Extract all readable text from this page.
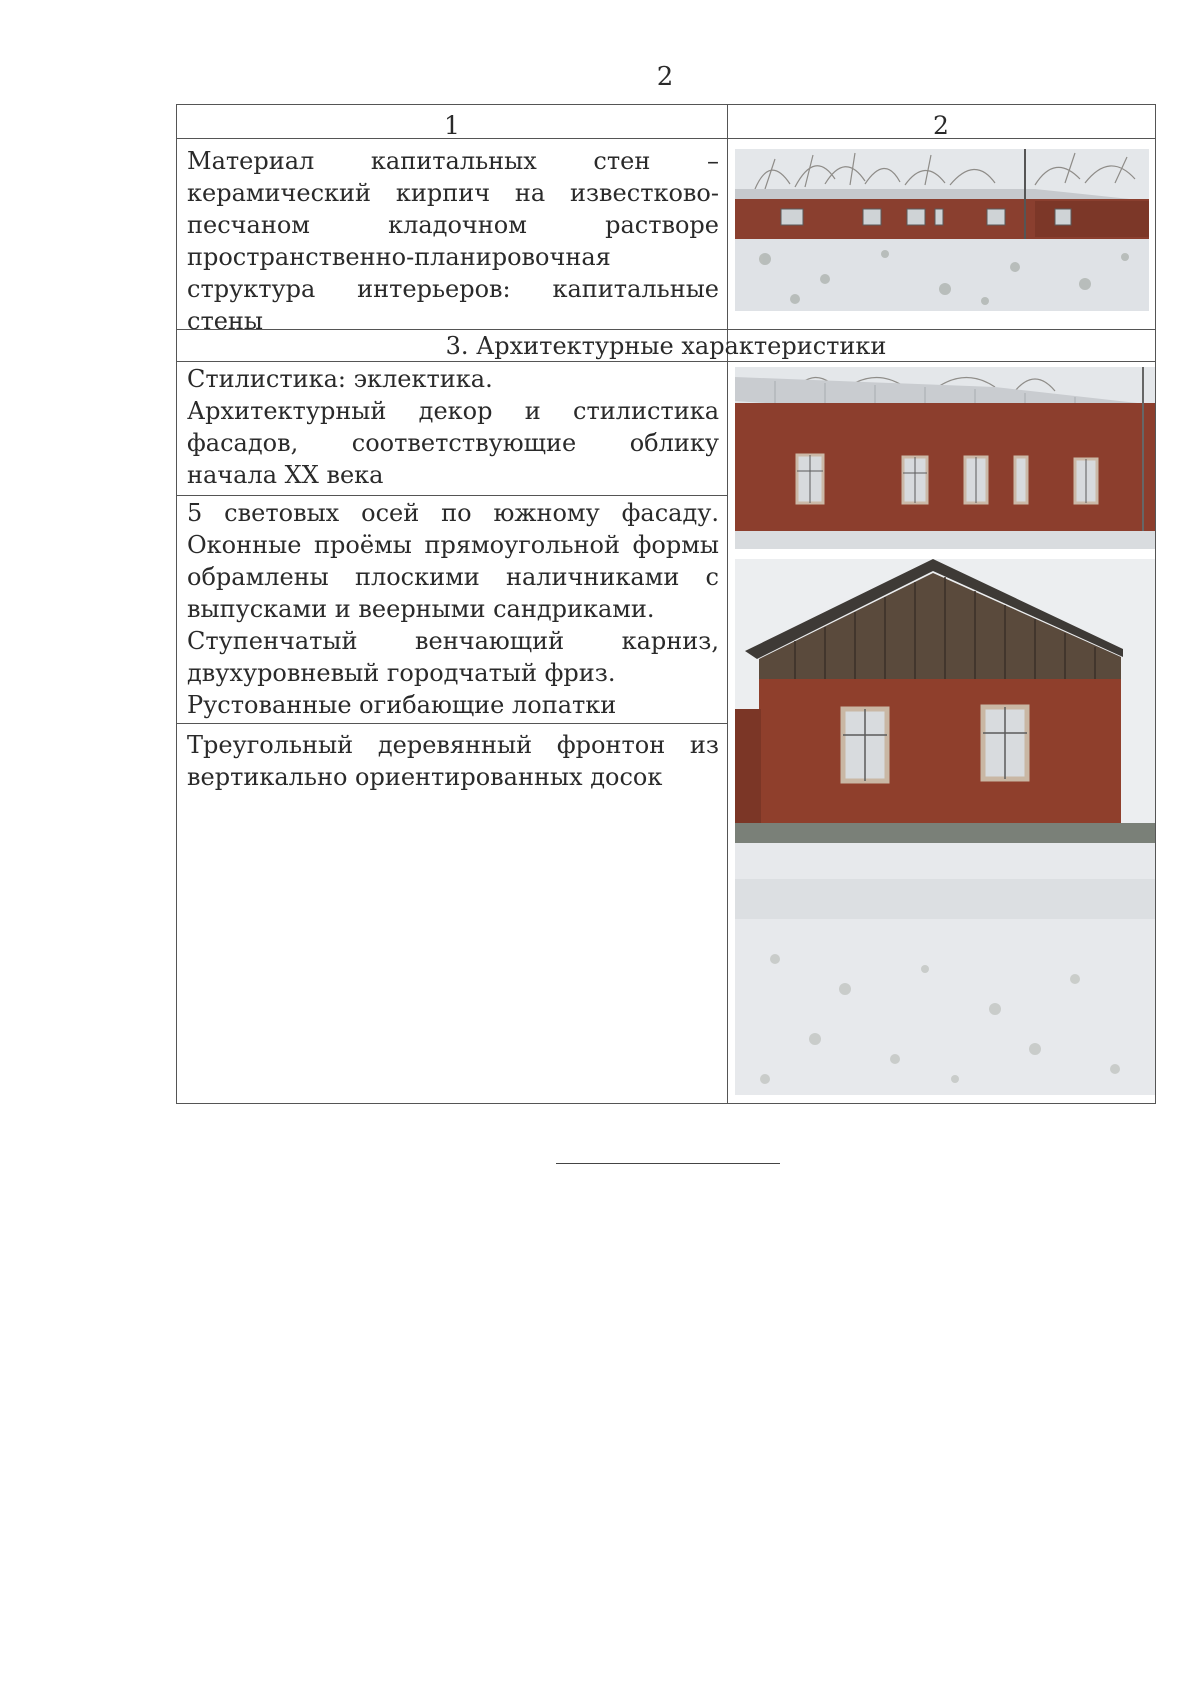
2
1	2
Материал капитальных стен – керамический кирпич на известково-песчаном кладочном растворе пространственно-планировочная структура интерьеров: капитальные стены
3. Архитектурные характеристики
Стилистика: эклектика.
Архитектурный декор и стилистика фасадов, соответствующие облику начала XX века
5 световых осей по южному фасаду. Оконные проёмы прямоугольной формы обрамлены плоскими наличниками с выпусками и веерными сандриками.
Ступенчатый венчающий карниз, двухуровневый городчатый фриз.
Рустованные огибающие лопатки
Треугольный деревянный фронтон из вертикально ориентированных досок
